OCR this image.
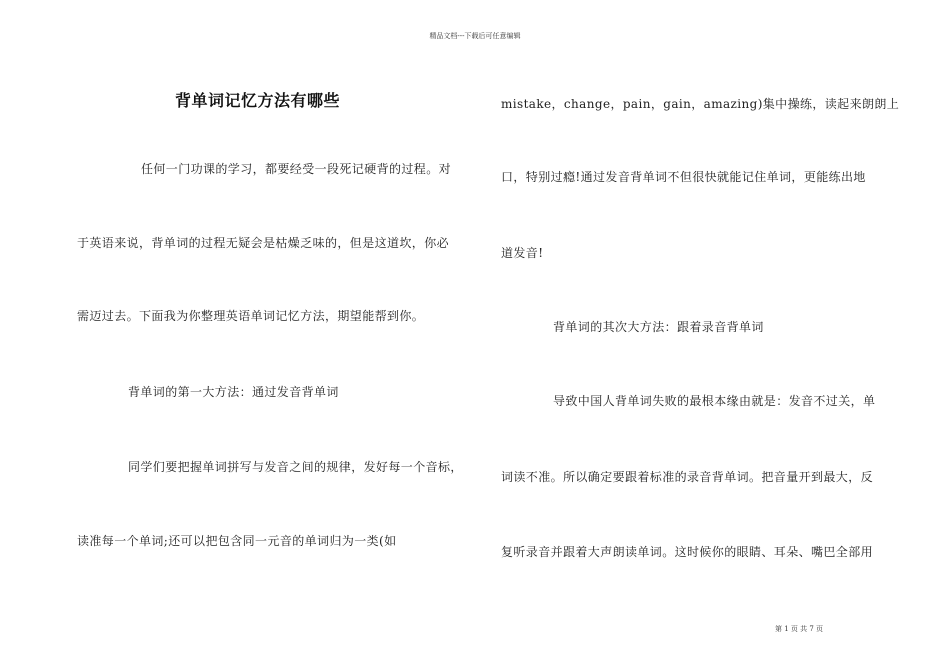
精品文档---下载后可任意编辑
背单词记忆方法有哪些
任何一门功课的学习，都要经受一段死记硬背的过程。对
于英语来说，背单词的过程无疑会是枯燥乏味的，但是这道坎，你必
需迈过去。下面我为你整理英语单词记忆方法，期望能帮到你。
背单词的第一大方法：通过发音背单词
同学们要把握单词拼写与发音之间的规律，发好每一个音标，
读准每一个单词;还可以把包含同一元音的单词归为一类(如
mistake，change，pain，gain，amazing)集中操练，读起来朗朗上
口，特别过瘾!通过发音背单词不但很快就能记住单词，更能练出地
道发音!
背单词的其次大方法：跟着录音背单词
导致中国人背单词失败的最根本缘由就是：发音不过关，单
词读不准。所以确定要跟着标准的录音背单词。把音量开到最大，反
复听录音并跟着大声朗读单词。这时候你的眼睛、耳朵、嘴巴全部用
第 1 页 共 7 页
